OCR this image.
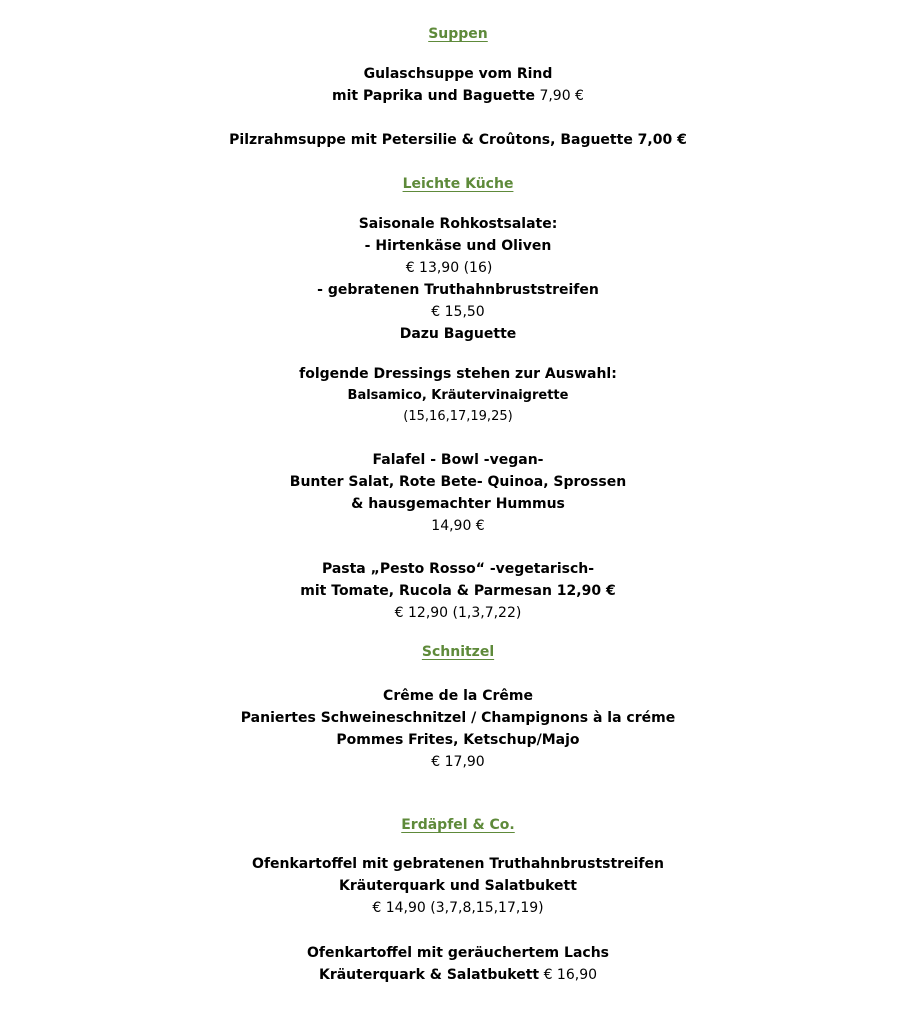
Suppen
Gulaschsuppe vom Rind
mit Paprika und Baguette 7,90 €
Pilzrahmsuppe mit Petersilie & Croûtons, Baguette 7,00 €
Leichte Küche
Saisonale Rohkostsalate:
- Hirtenkäse und Oliven
€ 13,90 (16)
- gebratenen Truthahnbruststreifen
€ 15,50
Dazu Baguette
folgende Dressings stehen zur Auswahl:
Balsamico, Kräutervinaigrette
(15,16,17,19,25)
Falafel - Bowl -vegan-
Bunter Salat, Rote Bete- Quinoa, Sprossen
& hausgemachter Hummus
14,90 €
Pasta „Pesto Rosso“ -vegetarisch-
mit Tomate, Rucola & Parmesan 12,90 €
€ 12,90 (1,3,7,22)
Schnitzel
Crême de la Crême
Paniertes Schweineschnitzel / Champignons à la créme
Pommes Frites, Ketschup/Majo
€ 17,90
Erdäpfel & Co.
Ofenkartoffel mit gebratenen Truthahnbruststreifen
Kräuterquark und Salatbukett
€ 14,90 (3,7,8,15,17,19)
Ofenkartoffel mit geräuchertem Lachs
Kräuterquark & Salatbukett € 16,90
